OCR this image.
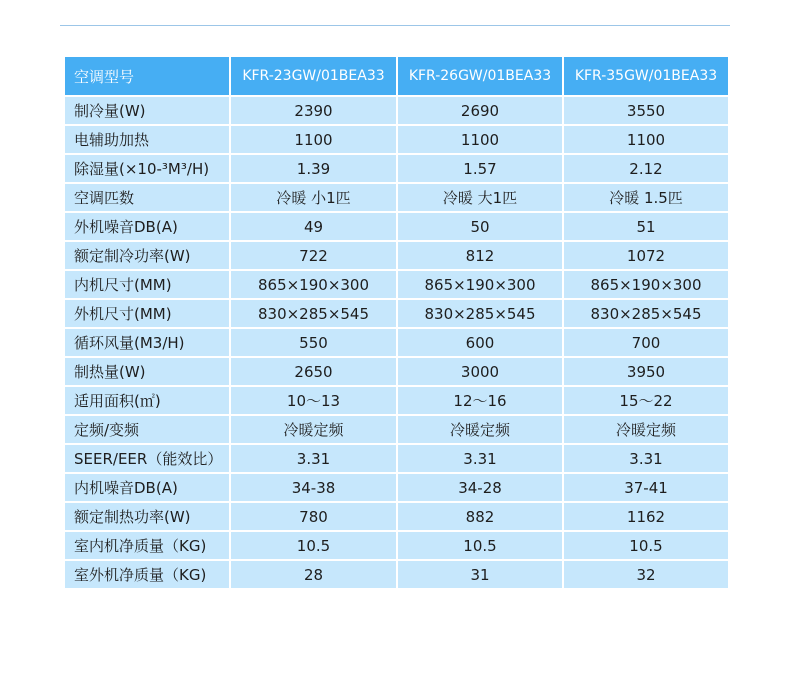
空调型号	KFR-23GW/01BEA33	KFR-26GW/01BEA33	KFR-35GW/01BEA33
制冷量(W)	2390	2690	3550
电辅助加热	1100	1100	1100
除湿量(×10-³M³/H)	1.39	1.57	2.12
空调匹数	冷暖 小1匹	冷暖 大1匹	冷暖 1.5匹
外机噪音DB(A)	49	50	51
额定制冷功率(W)	722	812	1072
内机尺寸(MM)	865×190×300	865×190×300	865×190×300
外机尺寸(MM)	830×285×545	830×285×545	830×285×545
循环风量(M3/H)	550	600	700
制热量(W)	2650	3000	3950
适用面积(㎡)	10～13	12～16	15～22
定频/变频	冷暖定频	冷暖定频	冷暖定频
SEER/EER（能效比）	3.31	3.31	3.31
内机噪音DB(A)	34-38	34-28	37-41
额定制热功率(W)	780	882	1162
室内机净质量（KG)	10.5	10.5	10.5
室外机净质量（KG)	28	31	32
